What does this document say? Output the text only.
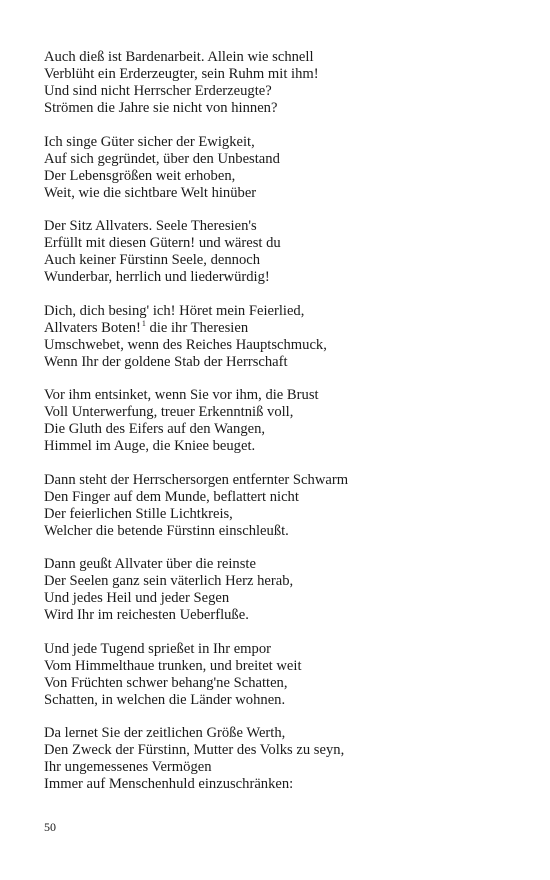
Auch dieß ist Bardenarbeit. Allein wie schnell
Verblüht ein Erderzeugter, sein Ruhm mit ihm!
Und sind nicht Herrscher Erderzeugte?
Strömen die Jahre sie nicht von hinnen?
Ich singe Güter sicher der Ewigkeit,
Auf sich gegründet, über den Unbestand
Der Lebensgrößen weit erhoben,
Weit, wie die sichtbare Welt hinüber
Der Sitz Allvaters. Seele Theresien's
Erfüllt mit diesen Gütern! und wärest du
Auch keiner Fürstinn Seele, dennoch
Wunderbar, herrlich und liederwürdig!
Dich, dich besing' ich! Höret mein Feierlied,
Allvaters Boten!$^1$ die ihr Theresien
Umschwebet, wenn des Reiches Hauptschmuck,
Wenn Ihr der goldene Stab der Herrschaft
Vor ihm entsinket, wenn Sie vor ihm, die Brust
Voll Unterwerfung, treuer Erkenntniß voll,
Die Gluth des Eifers auf den Wangen,
Himmel im Auge, die Kniee beuget.
Dann steht der Herrschersorgen entfernter Schwarm
Den Finger auf dem Munde, beflattert nicht
Der feierlichen Stille Lichtkreis,
Welcher die betende Fürstinn einschleußt.
Dann geußt Allvater über die reinste
Der Seelen ganz sein väterlich Herz herab,
Und jedes Heil und jeder Segen
Wird Ihr im reichesten Ueberfluße.
Und jede Tugend sprießet in Ihr empor
Vom Himmelthaue trunken, und breitet weit
Von Früchten schwer behang'ne Schatten,
Schatten, in welchen die Länder wohnen.
Da lernet Sie der zeitlichen Größe Werth,
Den Zweck der Fürstinn, Mutter des Volks zu seyn,
Ihr ungemessenes Vermögen
Immer auf Menschenhuld einzuschränken:
50
